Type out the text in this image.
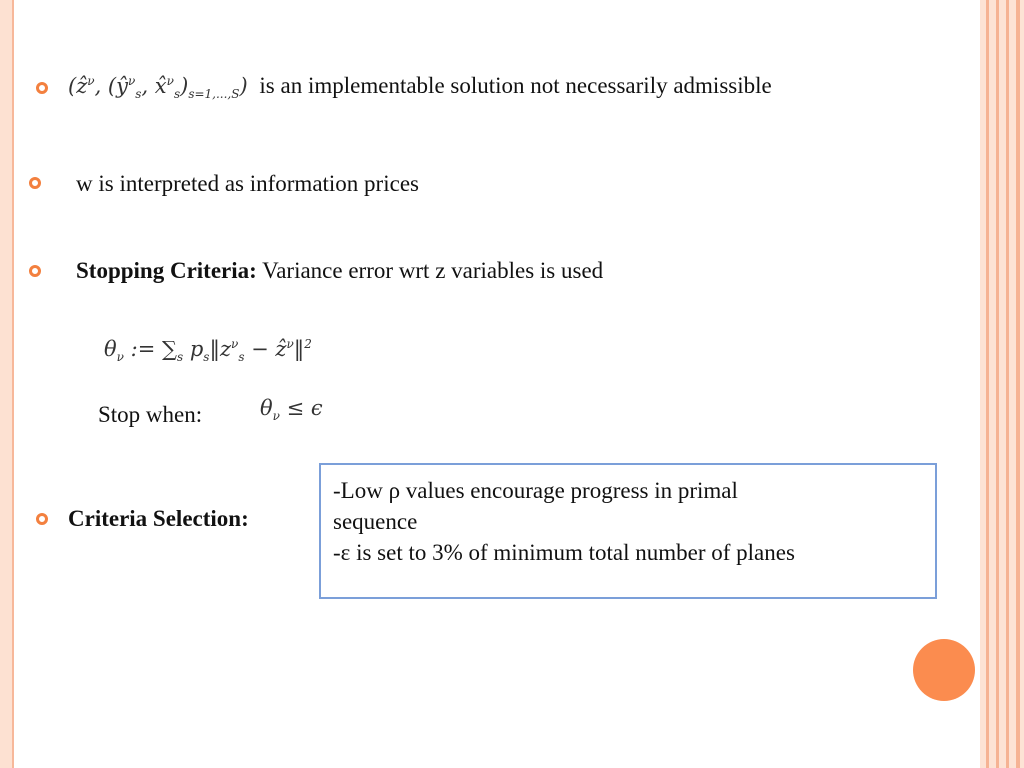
(ẑ$^\nu$, ($ŷ^\nu_s$, $x̂^\nu_s)_{s=1,...,S}$) is an implementable solution not necessarily admissible
w is interpreted as information prices
Stopping Criteria: Variance error wrt z variables is used
$\theta_\nu$ := $\sum_s$ $p_s‖z^\nu_s$ − ẑ$^\nu$‖$^2$
Stop when:	$\theta_\nu \le \epsilon$
Criteria Selection:
-Low ρ values encourage progress in primal
sequence
-ε is set to 3% of minimum total number of planes
